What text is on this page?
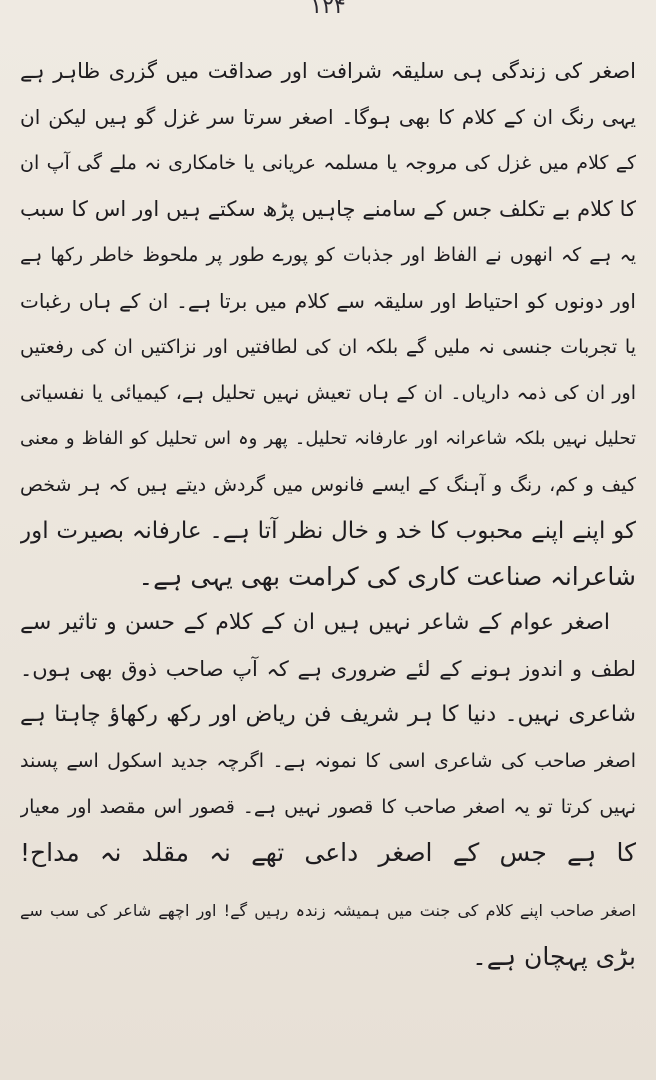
۱۲۴
اصغر کی زندگی ہی سلیقہ شرافت اور صداقت میں گزری ظاہر ہے
یہی رنگ ان کے کلام کا بھی ہوگا۔ اصغر سرتا سر غزل گو ہیں لیکن ان
کے کلام میں غزل کی مروجہ یا مسلمہ عریانی یا خامکاری نہ ملے گی آپ ان
کا کلام بے تکلف جس کے سامنے چاہیں پڑھ سکتے ہیں اور اس کا سبب
یہ ہے کہ انھوں نے الفاظ اور جذبات کو پورے طور پر ملحوظ خاطر رکھا ہے
اور دونوں کو احتیاط اور سلیقہ سے کلام میں برتا ہے۔ ان کے ہاں رغبات
یا تجربات جنسی نہ ملیں گے بلکہ ان کی لطافتیں اور نزاکتیں ان کی رفعتیں
اور ان کی ذمہ داریاں۔ ان کے ہاں تعیش نہیں تحلیل ہے، کیمیائی یا نفسیاتی
تحلیل نہیں بلکہ شاعرانہ اور عارفانہ تحلیل۔ پھر وہ اس تحلیل کو الفاظ و معنی
کیف و کم، رنگ و آہنگ کے ایسے فانوس میں گردش دیتے ہیں کہ ہر شخص
کو اپنے اپنے محبوب کا خد و خال نظر آتا ہے۔ عارفانہ بصیرت اور
شاعرانہ صناعت کاری کی کرامت بھی یہی ہے۔
اصغر عوام کے شاعر نہیں ہیں ان کے کلام کے حسن و تاثیر سے
لطف و اندوز ہونے کے لئے ضروری ہے کہ آپ صاحب ذوق بھی ہوں۔
شاعری نہیں۔ دنیا کا ہر شریف فن ریاض اور رکھ رکھاؤ چاہتا ہے
اصغر صاحب کی شاعری اسی کا نمونہ ہے۔ اگرچہ جدید اسکول اسے پسند
نہیں کرتا تو یہ اصغر صاحب کا قصور نہیں ہے۔ قصور اس مقصد اور معیار
کا ہے جس کے اصغر داعی تھے نہ مقلد نہ مداح!
اصغر صاحب اپنے کلام کی جنت میں ہمیشہ زندہ رہیں گے! اور اچھے شاعر کی سب سے
بڑی پہچان ہے۔
